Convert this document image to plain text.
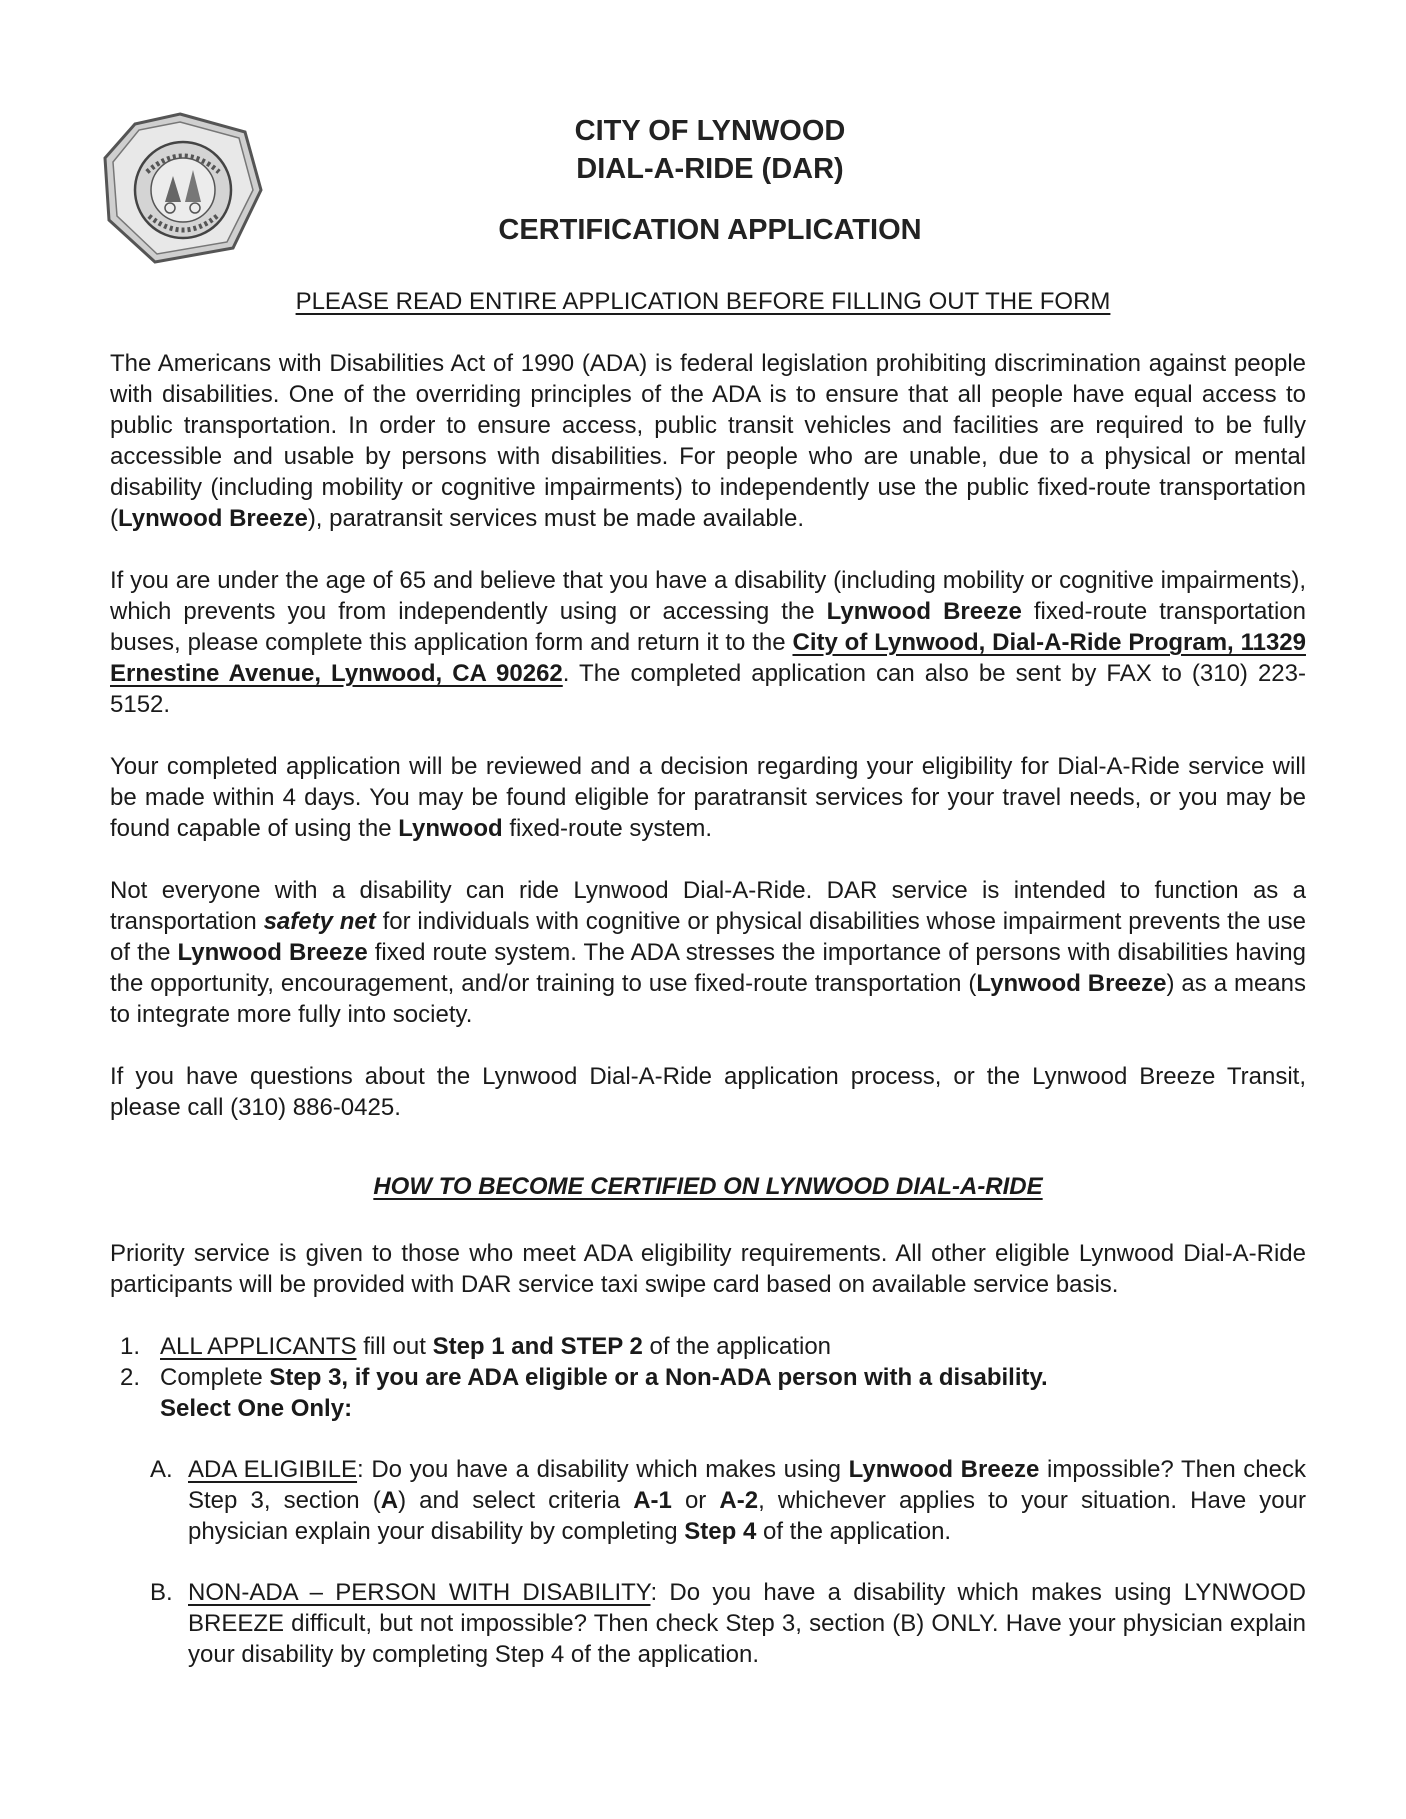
CITY OF LYNWOOD
DIAL-A-RIDE (DAR)
CERTIFICATION APPLICATION
PLEASE READ ENTIRE APPLICATION BEFORE FILLING OUT THE FORM

The Americans with Disabilities Act of 1990 (ADA) is federal legislation prohibiting discrimination against people with disabilities. One of the overriding principles of the ADA is to ensure that all people have equal access to public transportation. In order to ensure access, public transit vehicles and facilities are required to be fully accessible and usable by persons with disabilities. For people who are unable, due to a physical or mental disability (including mobility or cognitive impairments) to independently use the public fixed-route transportation (Lynwood Breeze), paratransit services must be made available.

If you are under the age of 65 and believe that you have a disability (including mobility or cognitive impairments), which prevents you from independently using or accessing the Lynwood Breeze fixed-route transportation buses, please complete this application form and return it to the City of Lynwood, Dial-A-Ride Program, 11329 Ernestine Avenue, Lynwood, CA 90262. The completed application can also be sent by FAX to (310) 223-5152.

Your completed application will be reviewed and a decision regarding your eligibility for Dial-A-Ride service will be made within 4 days. You may be found eligible for paratransit services for your travel needs, or you may be found capable of using the Lynwood fixed-route system.

Not everyone with a disability can ride Lynwood Dial-A-Ride. DAR service is intended to function as a transportation safety net for individuals with cognitive or physical disabilities whose impairment prevents the use of the Lynwood Breeze fixed route system. The ADA stresses the importance of persons with disabilities having the opportunity, encouragement, and/or training to use fixed-route transportation (Lynwood Breeze) as a means to integrate more fully into society.

If you have questions about the Lynwood Dial-A-Ride application process, or the Lynwood Breeze Transit, please call (310) 886-0425.

HOW TO BECOME CERTIFIED ON LYNWOOD DIAL-A-RIDE

Priority service is given to those who meet ADA eligibility requirements. All other eligible Lynwood Dial-A-Ride participants will be provided with DAR service taxi swipe card based on available service basis.

1. ALL APPLICANTS fill out Step 1 and STEP 2 of the application
2. Complete Step 3, if you are ADA eligible or a Non-ADA person with a disability.
Select One Only:
A. ADA ELIGIBILE: Do you have a disability which makes using Lynwood Breeze impossible? Then check Step 3, section (A) and select criteria A-1 or A-2, whichever applies to your situation. Have your physician explain your disability by completing Step 4 of the application.
B. NON-ADA – PERSON WITH DISABILITY: Do you have a disability which makes using LYNWOOD BREEZE difficult, but not impossible? Then check Step 3, section (B) ONLY. Have your physician explain your disability by completing Step 4 of the application.
